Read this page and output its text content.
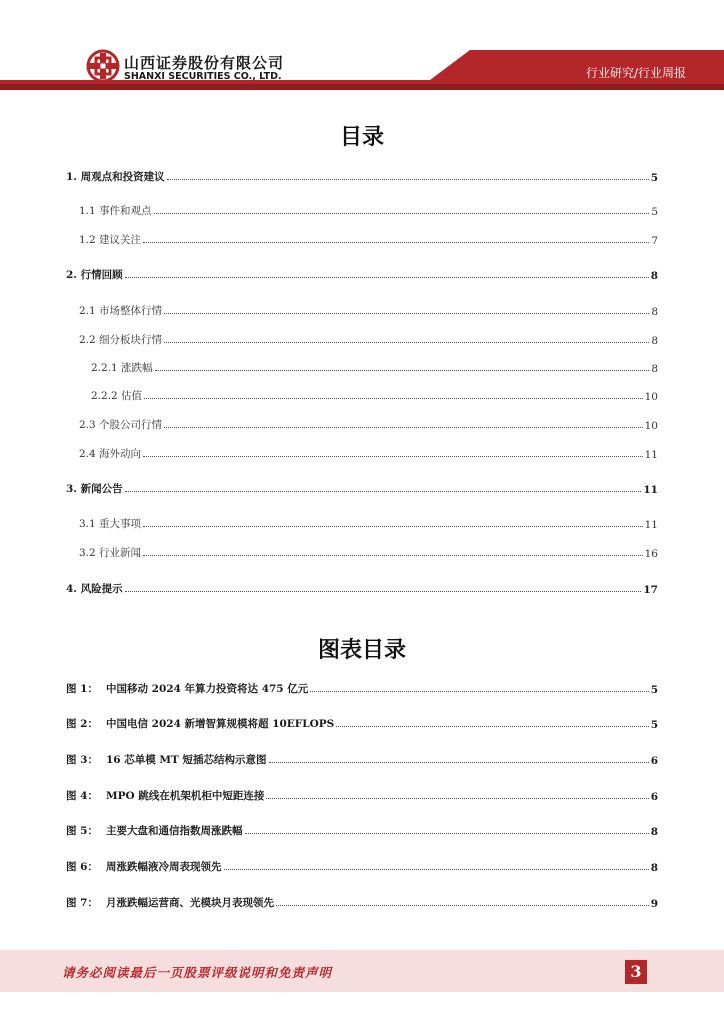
山西证券股份有限公司
SHANXI SECURITIES CO., LTD.	行业研究/行业周报
目录
1. 周观点和投资建议	5
1.1 事件和观点	5
1.2 建议关注	7
2. 行情回顾	8
2.1 市场整体行情	8
2.2 细分板块行情	8
2.2.1 涨跌幅	8
2.2.2 估值	10
2.3 个股公司行情	10
2.4 海外动向	11
3. 新闻公告	11
3.1 重大事项	11
3.2 行业新闻	16
4. 风险提示	17
图表目录
图 1： 中国移动 2024 年算力投资将达 475 亿元	5
图 2： 中国电信 2024 新增智算规模将超 10EFLOPS	5
图 3： 16 芯单模 MT 短插芯结构示意图	6
图 4： MPO 跳线在机架机柜中短距连接	6
图 5： 主要大盘和通信指数周涨跌幅	8
图 6： 周涨跌幅液冷周表现领先	8
图 7： 月涨跌幅运营商、光模块月表现领先	9
请务必阅读最后一页股票评级说明和免责声明	3
